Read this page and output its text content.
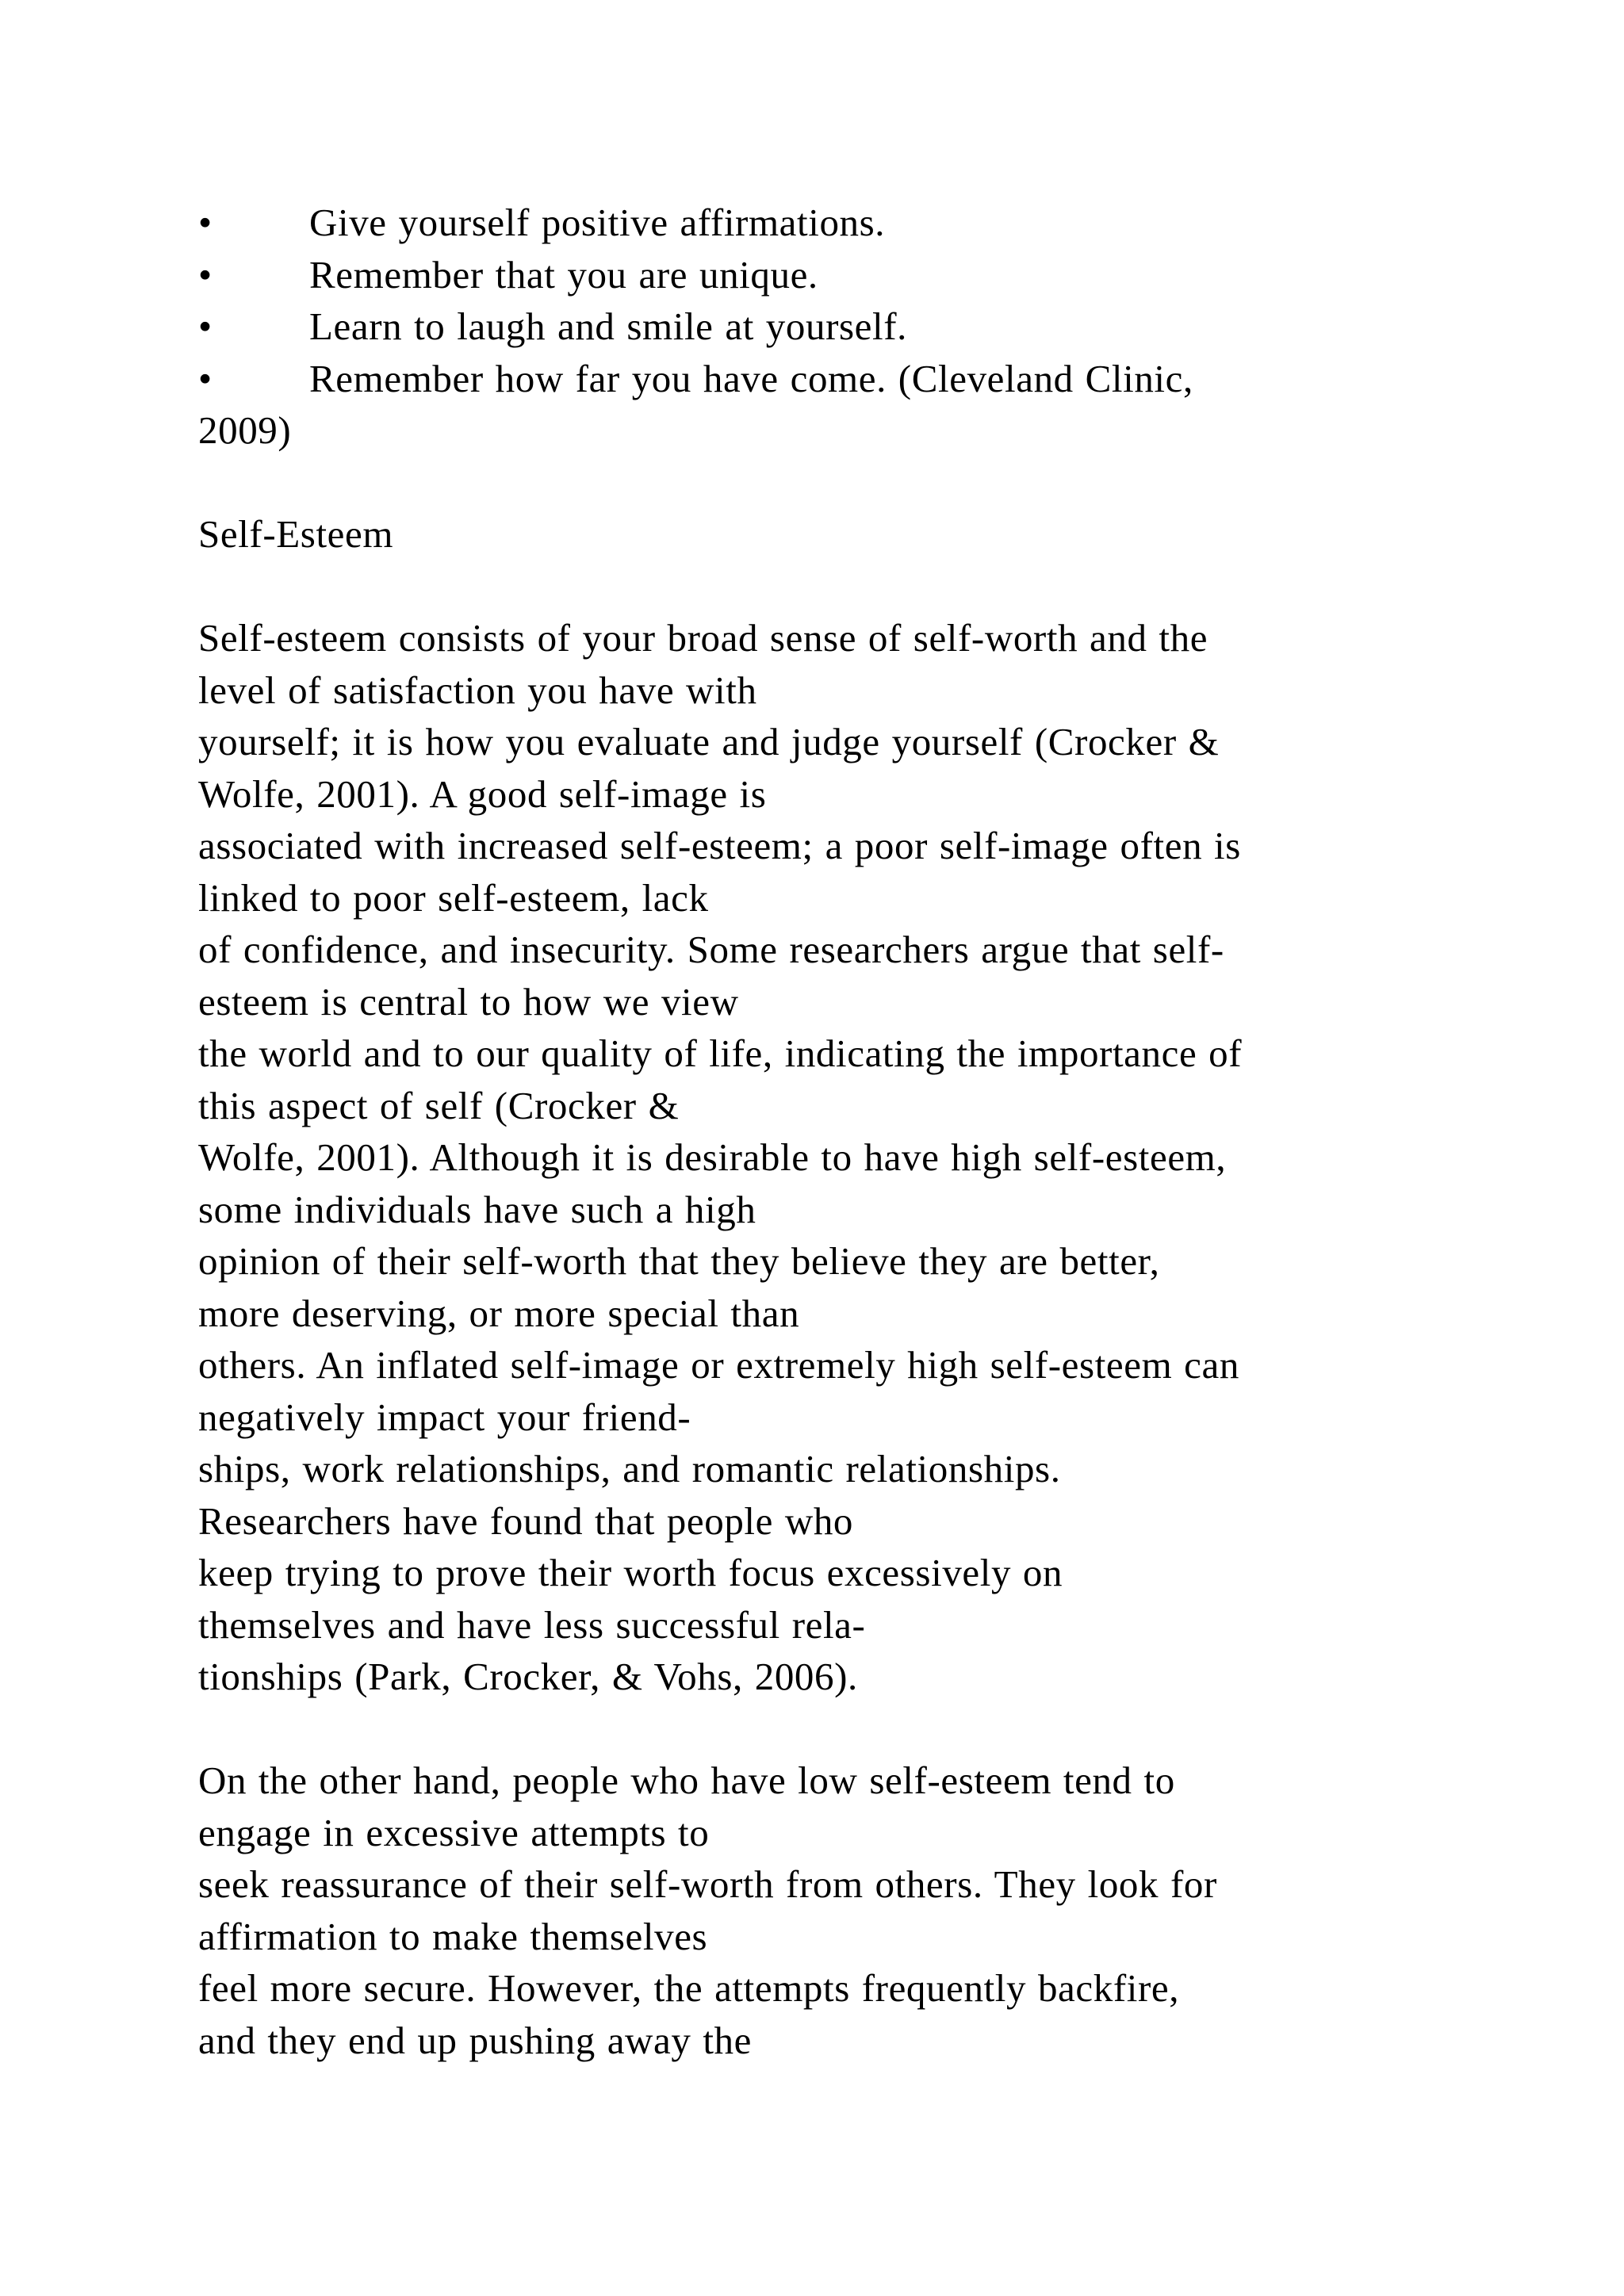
• Give yourself positive affirmations.
• Remember that you are unique.
• Learn to laugh and smile at yourself.
• Remember how far you have come. (Cleveland Clinic,
2009)
Self-Esteem
Self-esteem consists of your broad sense of self-worth and the
level of satisfaction you have with
yourself; it is how you evaluate and judge yourself (Crocker &
Wolfe, 2001). A good self-image is
associated with increased self-esteem; a poor self-image often is
linked to poor self-esteem, lack
of confidence, and insecurity. Some researchers argue that self-
esteem is central to how we view
the world and to our quality of life, indicating the importance of
this aspect of self (Crocker &
Wolfe, 2001). Although it is desirable to have high self-esteem,
some individuals have such a high
opinion of their self-worth that they believe they are better,
more deserving, or more special than
others. An inflated self-image or extremely high self-esteem can
negatively impact your friend-
ships, work relationships, and romantic relationships.
Researchers have found that people who
keep trying to prove their worth focus excessively on
themselves and have less successful rela-
tionships (Park, Crocker, & Vohs, 2006).
On the other hand, people who have low self-esteem tend to
engage in excessive attempts to
seek reassurance of their self-worth from others. They look for
affirmation to make themselves
feel more secure. However, the attempts frequently backfire,
and they end up pushing away the
